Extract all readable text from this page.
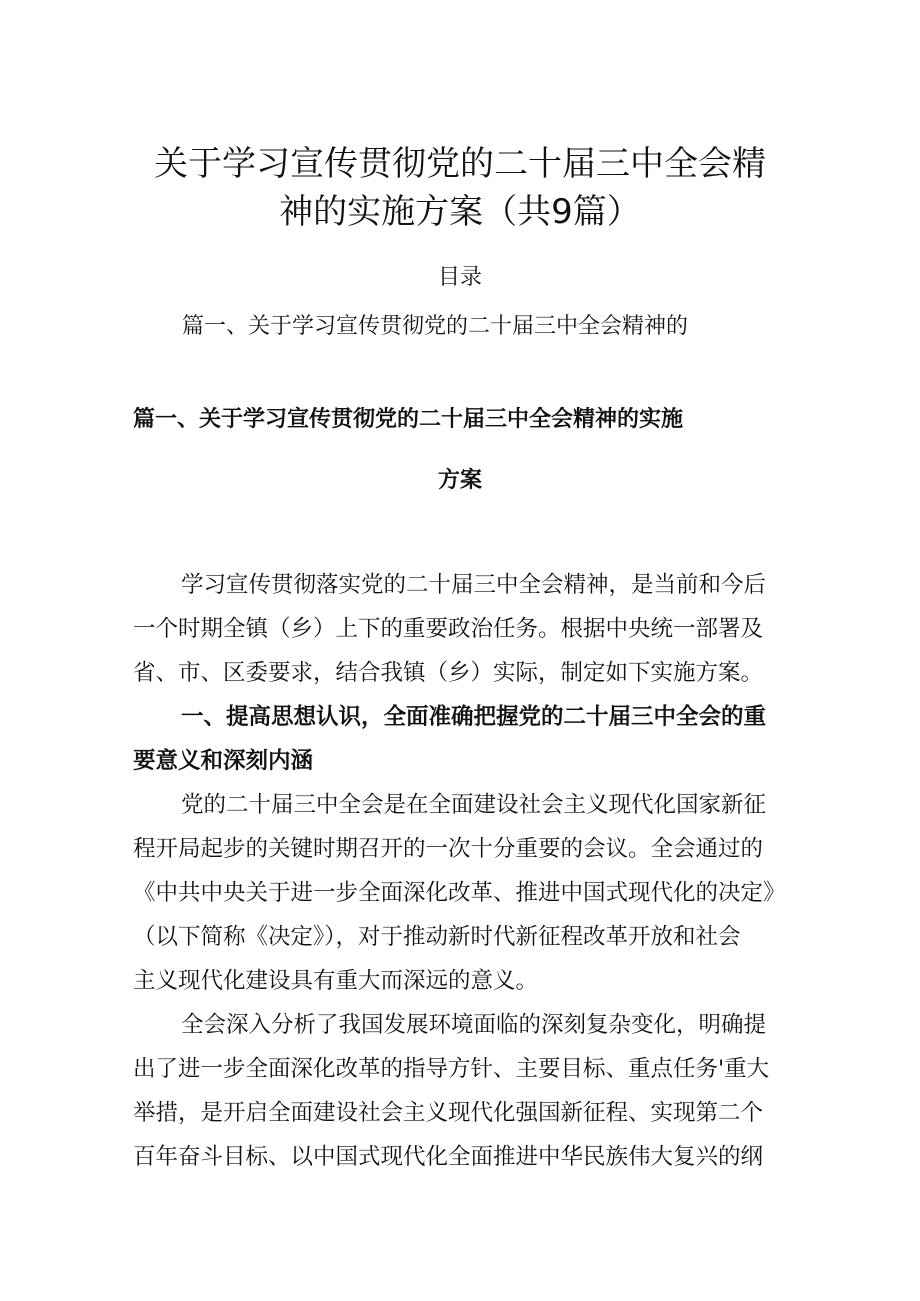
关于学习宣传贯彻党的二十届三中全会精
神的实施方案（共9篇）
目录
篇一、关于学习宣传贯彻党的二十届三中全会精神的
篇一、关于学习宣传贯彻党的二十届三中全会精神的实施
方案
学习宣传贯彻落实党的二十届三中全会精神，是当前和今后
一个时期全镇（乡）上下的重要政治任务。根据中央统一部署及
省、市、区委要求，结合我镇（乡）实际，制定如下实施方案。
一、提高思想认识，全面准确把握党的二十届三中全会的重
要意义和深刻内涵
党的二十届三中全会是在全面建设社会主义现代化国家新征
程开局起步的关键时期召开的一次十分重要的会议。全会通过的
《中共中央关于进一步全面深化改革、推进中国式现代化的决定》
（以下简称《决定》），对于推动新时代新征程改革开放和社会
主义现代化建设具有重大而深远的意义。
全会深入分析了我国发展环境面临的深刻复杂变化，明确提
出了进一步全面深化改革的指导方针、主要目标、重点任务'重大
举措，是开启全面建设社会主义现代化强国新征程、实现第二个
百年奋斗目标、以中国式现代化全面推进中华民族伟大复兴的纲
